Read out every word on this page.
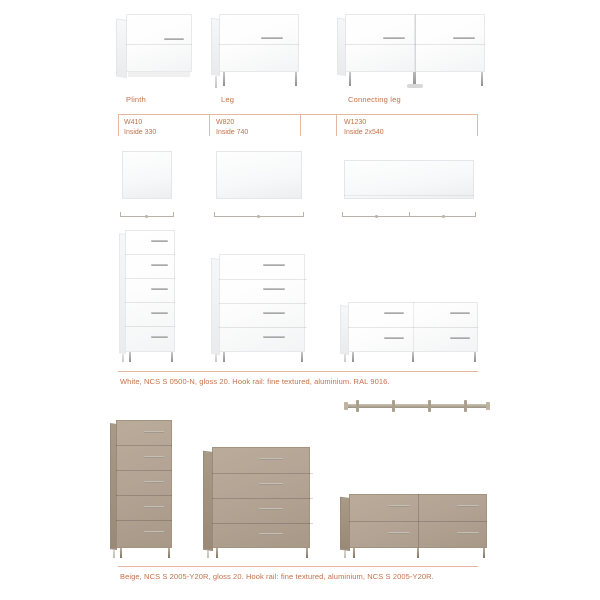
Plinth	Leg	Connecting leg
W410
Inside 330
W820
Inside 740
W1230
Inside 2x540
White, NCS S 0500-N, gloss 20. Hook rail: fine textured, aluminium. RAL 9016.
Beige, NCS S 2005-Y20R, gloss 20. Hook rail: fine textured, aluminium, NCS S 2005-Y20R.
